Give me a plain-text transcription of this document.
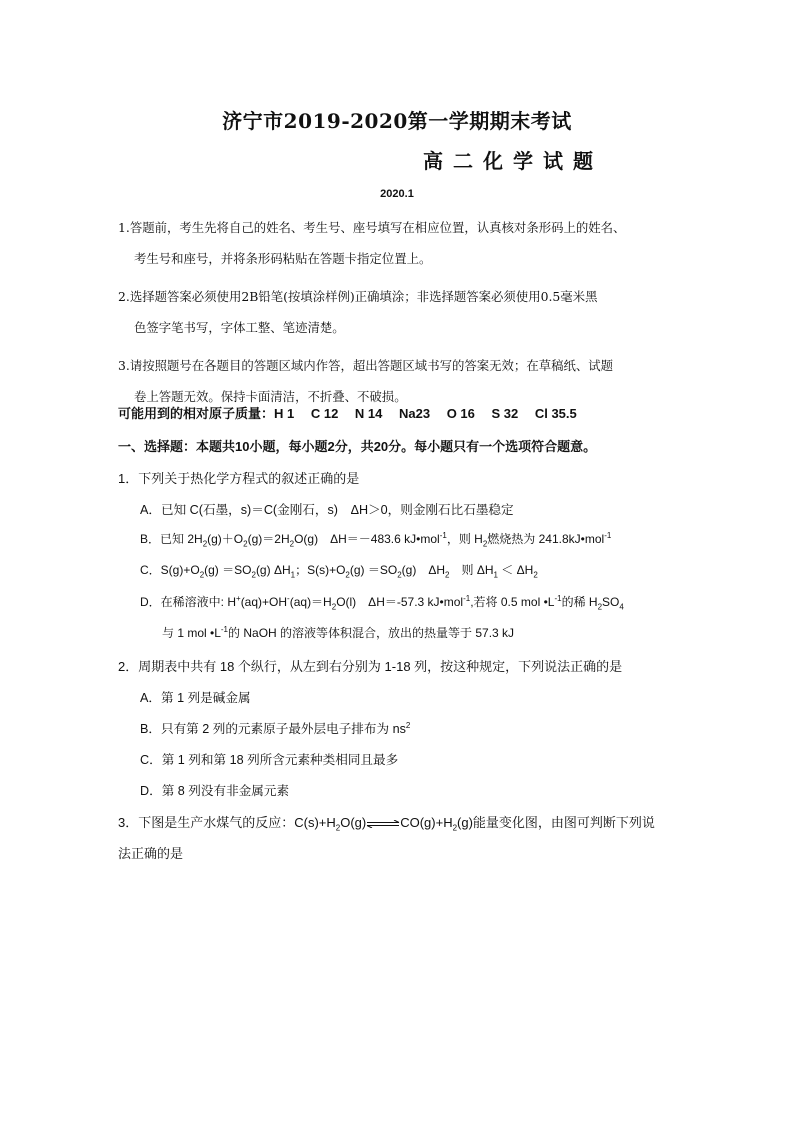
济宁市2019-2020第一学期期末考试
高二化学试题
2020.1
1.答题前，考生先将自己的姓名、考生号、座号填写在相应位置，认真核对条形码上的姓名、
考生号和座号，并将条形码粘贴在答题卡指定位置上。
2.选择题答案必须使用2B铅笔(按填涂样例)正确填涂；非选择题答案必须使用0.5毫米黑
色签字笔书写，字体工整、笔迹清楚。
3.请按照题号在各题目的答题区域内作答，超出答题区域书写的答案无效；在草稿纸、试题
卷上答题无效。保持卡面清洁，不折叠、不破损。
可能用到的相对原子质量：H 1　 C 12　 N 14　 Na23　 O 16　 S 32　 Cl 35.5
一、选择题：本题共10小题，每小题2分，共20分。每小题只有一个选项符合题意。
1．下列关于热化学方程式的叙述正确的是
A．已知 C(石墨，s)＝C(金刚石，s)　ΔH＞0，则金刚石比石墨稳定
B．已知 $2H_2(g)+O_2(g)=2H_2O(g)$　ΔH＝－483.6 kJ•mol$^{-1}$，则 $H_2$燃烧热为 241.8kJ•mol$^{-1}$
C．$S(g)+O_2(g) =SO_2(g)$ $\Delta H_1$；$S(s)+O_2(g) =SO_2(g)$　$\Delta H_2$　则 $\Delta H_1 < \Delta H_2$
D．在稀溶液中: $H^+(aq)+OH^-(aq)=H_2O(l)$　ΔH＝-57.3 kJ•mol$^{-1}$,若将 0.5 mol $•L^{-1}$的稀 $H_2SO_4$
与 1 mol $•L^{-1}$的 NaOH 的溶液等体积混合，放出的热量等于 57.3 kJ
2．周期表中共有 18 个纵行，从左到右分别为 1-18 列，按这种规定，下列说法正确的是
A．第 1 列是碱金属
B．只有第 2 列的元素原子最外层电子排布为 $ns^2$
C．第 1 列和第 18 列所含元素种类相同且最多
D．第 8 列没有非金属元素
3．下图是生产水煤气的反应：$C(s)+H_2O(g)\rightleftharpoons CO(g)+H_2(g)$能量变化图，由图可判断下列说
法正确的是
